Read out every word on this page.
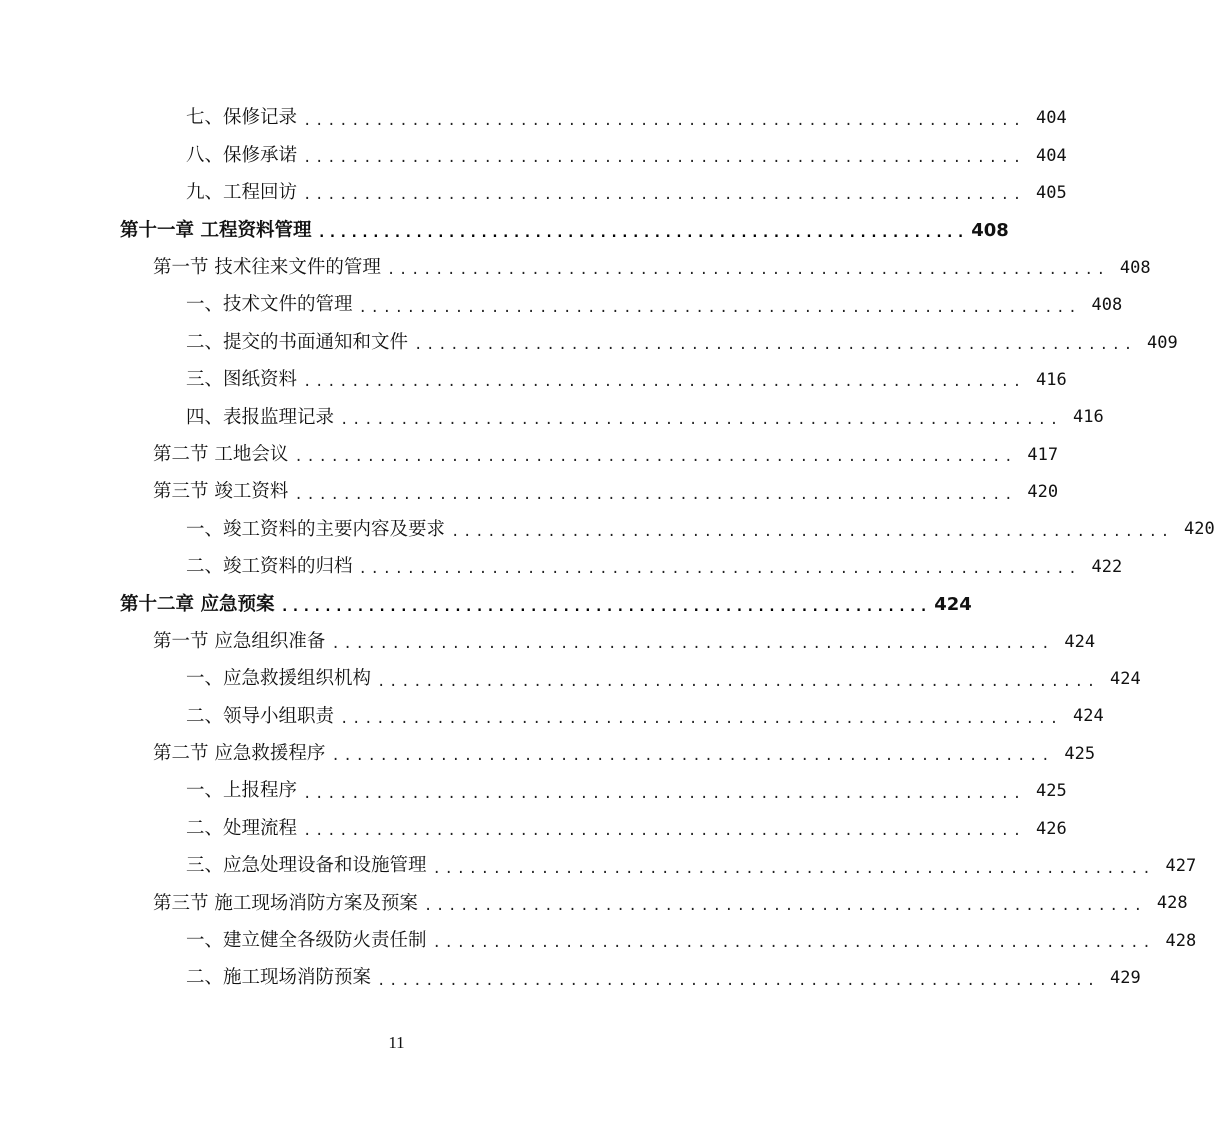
七、保修记录 ............................................................ 404
八、保修承诺 ............................................................ 404
九、工程回访 ............................................................ 405
第十一章 工程资料管理 ............................................................ 408
第一节 技术往来文件的管理 ............................................................ 408
一、技术文件的管理 ............................................................ 408
二、提交的书面通知和文件 ............................................................ 409
三、图纸资料 ............................................................ 416
四、表报监理记录 ............................................................ 416
第二节 工地会议 ............................................................ 417
第三节 竣工资料 ............................................................ 420
一、竣工资料的主要内容及要求 ............................................................ 420
二、竣工资料的归档 ............................................................ 422
第十二章 应急预案 ............................................................ 424
第一节 应急组织准备 ............................................................ 424
一、应急救援组织机构 ............................................................ 424
二、领导小组职责 ............................................................ 424
第二节 应急救援程序 ............................................................ 425
一、上报程序 ............................................................ 425
二、处理流程 ............................................................ 426
三、应急处理设备和设施管理 ............................................................ 427
第三节 施工现场消防方案及预案 ............................................................ 428
一、建立健全各级防火责任制 ............................................................ 428
二、施工现场消防预案 ............................................................ 429
11
